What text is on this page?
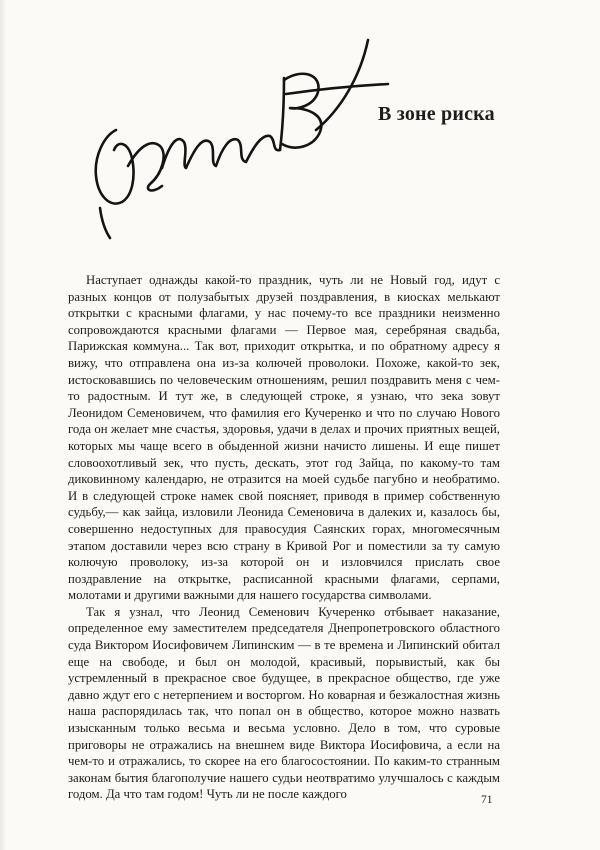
В зоне риска

Наступает однажды какой-то праздник, чуть ли не Новый год, идут с разных концов от полузабытых друзей поздравления, в киосках мелькают открытки с красными флагами, у нас почему-то все праздники неизменно сопровождаются красными флагами — Первое мая, серебряная свадьба, Парижская коммуна... Так вот, приходит открытка, и по обратному адресу я вижу, что отправлена она из-за колючей проволоки. Похоже, какой-то зек, истосковавшись по человеческим отношениям, решил поздравить меня с чем-то радостным. И тут же, в следующей строке, я узнаю, что зека зовут Леонидом Семеновичем, что фамилия его Кучеренко и что по случаю Нового года он желает мне счастья, здоровья, удачи в делах и прочих приятных вещей, которых мы чаще всего в обыденной жизни начисто лишены. И еще пишет словоохотливый зек, что пусть, дескать, этот год Зайца, по какому-то там диковинному календарю, не отразится на моей судьбе пагубно и необратимо. И в следующей строке намек свой поясняет, приводя в пример собственную судьбу,— как зайца, изловили Леонида Семеновича в далеких и, казалось бы, совершенно недоступных для правосудия Саянских горах, многомесячным этапом доставили через всю страну в Кривой Рог и поместили за ту самую колючую проволоку, из-за которой он и изловчился прислать свое поздравление на открытке, расписанной красными флагами, серпами, молотами и другими важными для нашего государства символами.

Так я узнал, что Леонид Семенович Кучеренко отбывает наказание, определенное ему заместителем председателя Днепропетровского областного суда Виктором Иосифовичем Липинским — в те времена и Липинский обитал еще на свободе, и был он молодой, красивый, порывистый, как бы устремленный в прекрасное свое будущее, в прекрасное общество, где уже давно ждут его с нетерпением и восторгом. Но коварная и безжалостная жизнь наша распорядилась так, что попал он в общество, которое можно назвать изысканным только весьма и весьма условно. Дело в том, что суровые приговоры не отражались на внешнем виде Виктора Иосифовича, а если на чем-то и отражались, то скорее на его благосостоянии. По каким-то странным законам бытия благополучие нашего судьи неотвратимо улучшалось с каждым годом. Да что там годом! Чуть ли не после каждого	71
